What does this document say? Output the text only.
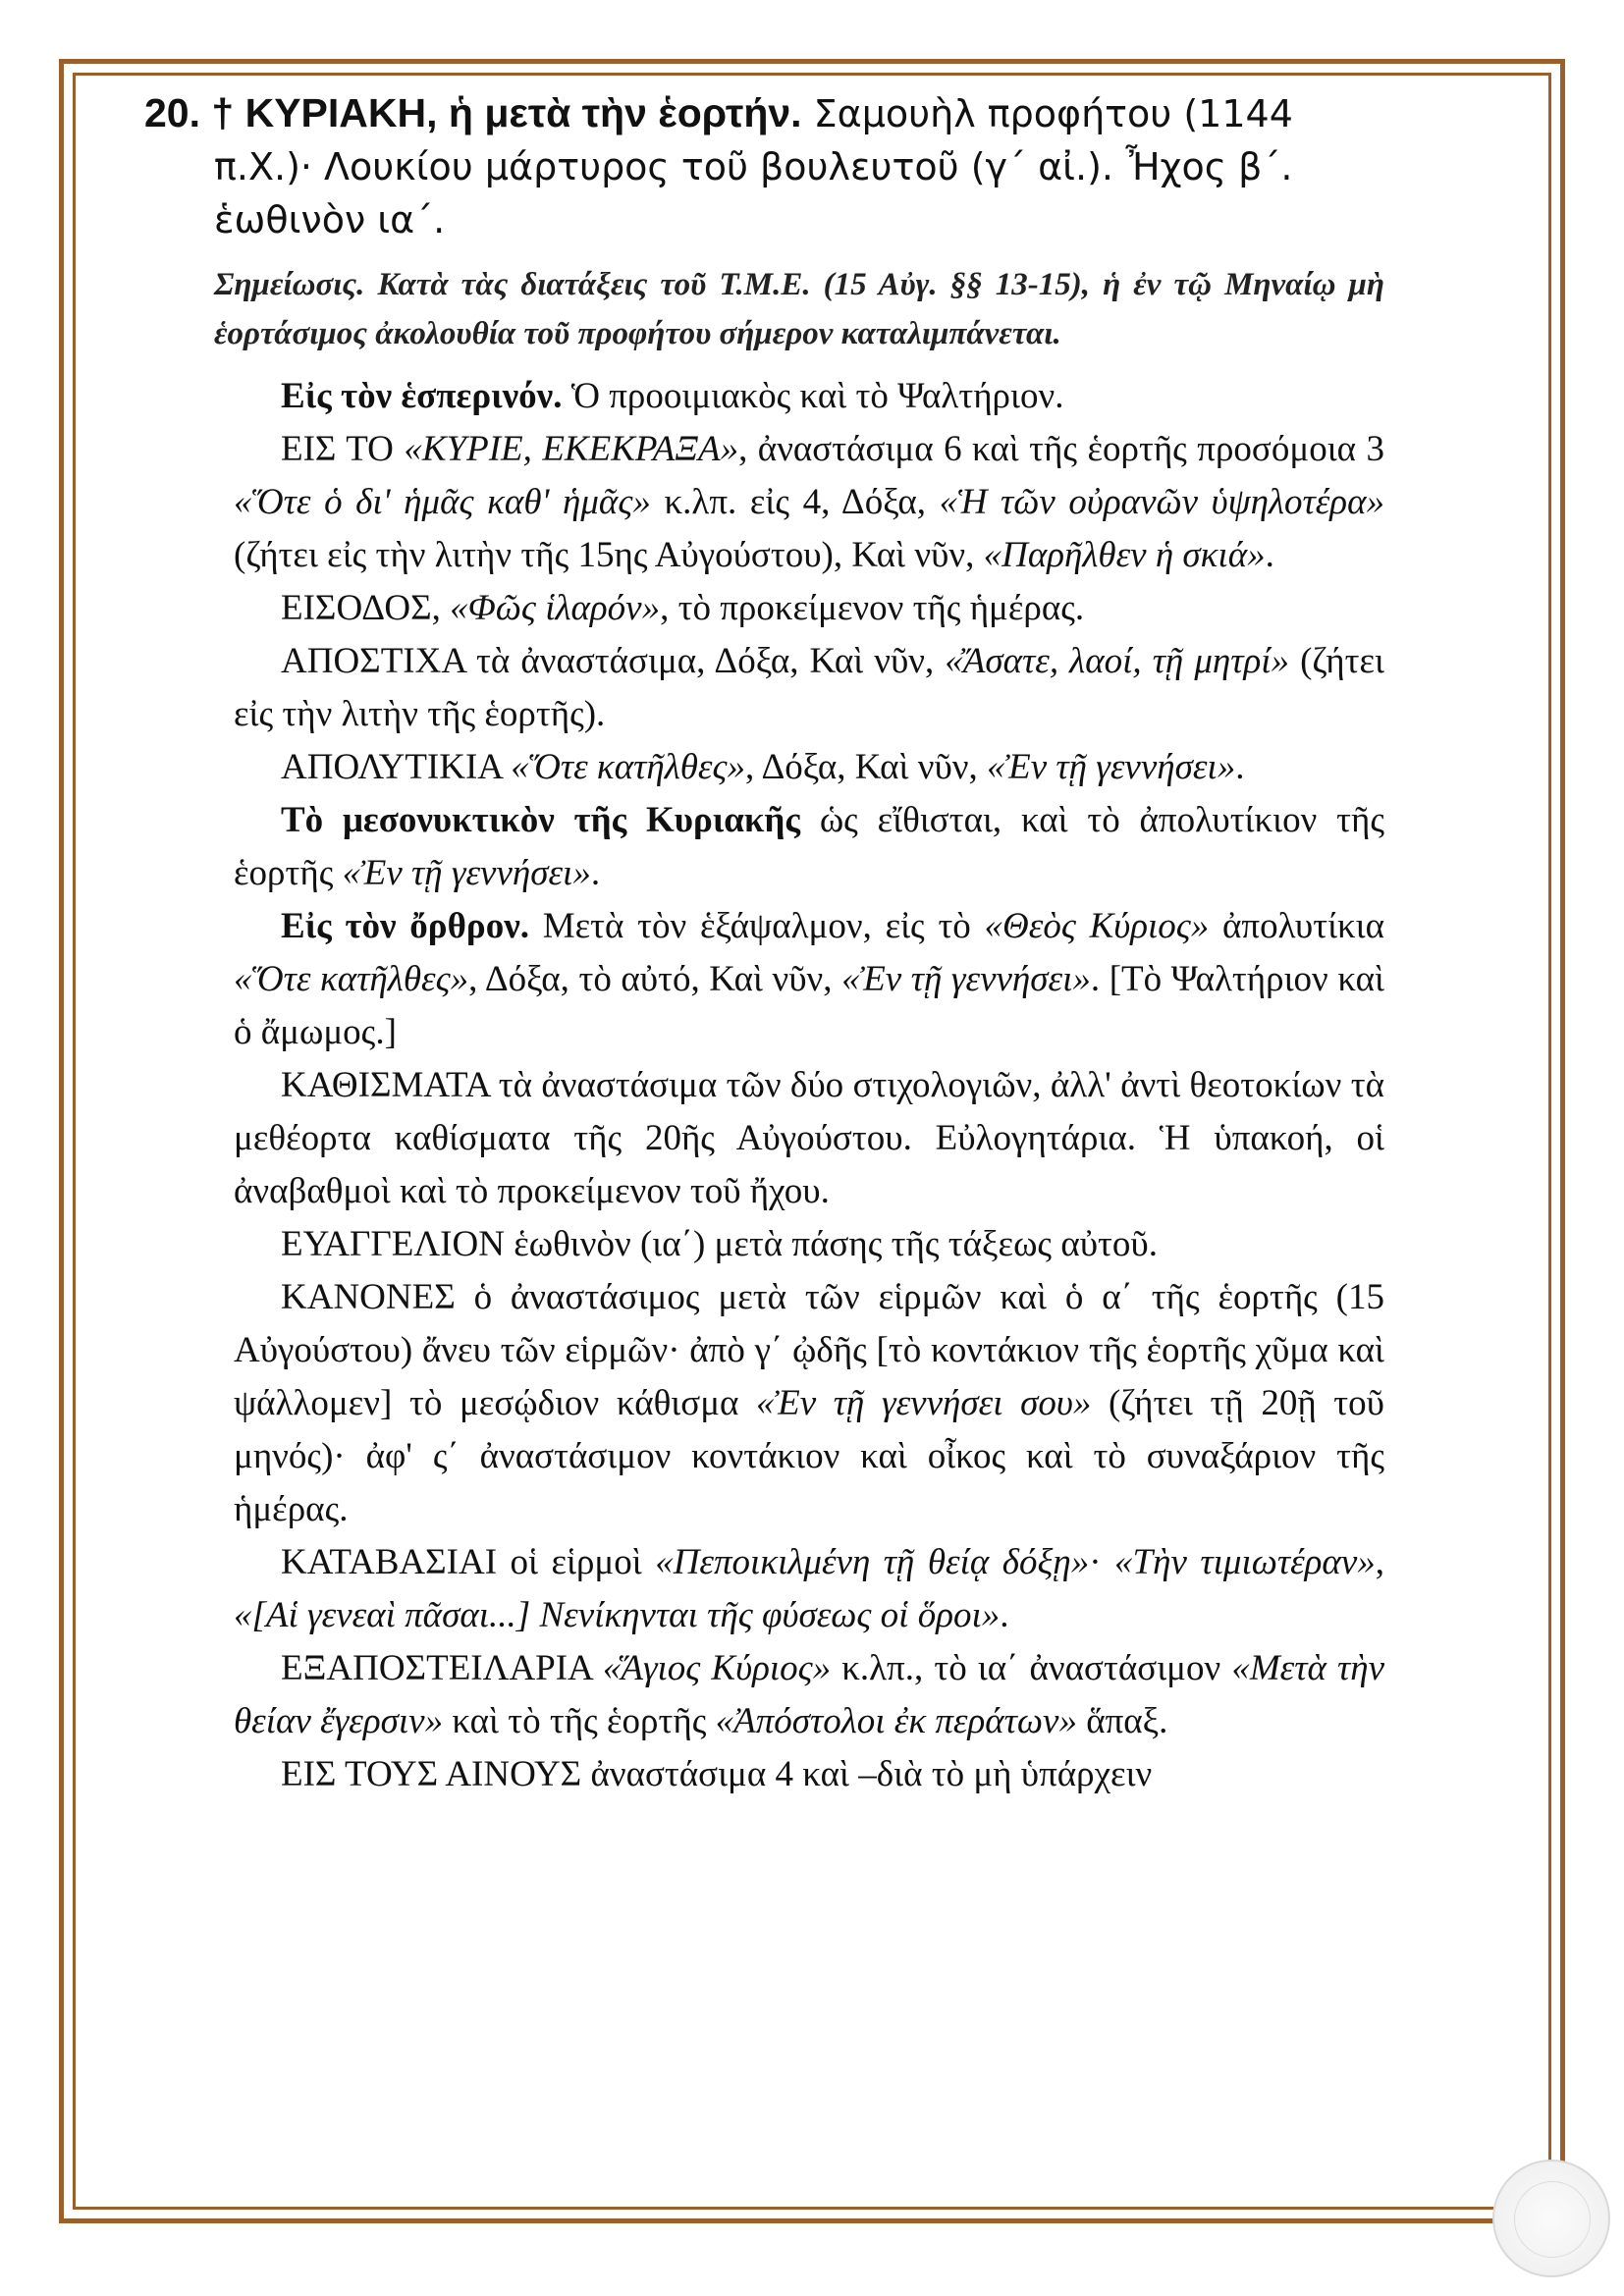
20. † ΚΥΡΙΑΚΗ, ἡ μετὰ τὴν ἑορτήν. Σαμουὴλ προφήτου (1144
π.Χ.)· Λουκίου μάρτυρος τοῦ βουλευτοῦ (γ΄ αἰ.). Ἦχος β΄.
ἑωθινὸν ια΄.

Σημείωσις. Κατὰ τὰς διατάξεις τοῦ Τ.Μ.Ε. (15 Αὐγ. §§ 13-15), ἡ ἐν τῷ Μηναίῳ μὴ ἑορτάσιμος ἀκολουθία τοῦ προφήτου σήμερον καταλιμπάνεται.

Εἰς τὸν ἑσπερινόν. Ὁ προοιμιακὸς καὶ τὸ Ψαλτήριον.

ΕΙΣ ΤΟ «ΚΥΡΙΕ, ΕΚΕΚΡΑΞΑ», ἀναστάσιμα 6 καὶ τῆς ἑορτῆς προσόμοια 3 «Ὅτε ὁ δι' ἡμᾶς καθ' ἡμᾶς» κ.λπ. εἰς 4, Δόξα, «Ἡ τῶν οὐρανῶν ὑψηλοτέρα» (ζήτει εἰς τὴν λιτὴν τῆς 15ης Αὐγούστου), Καὶ νῦν, «Παρῆλθεν ἡ σκιά».

ΕΙΣΟΔΟΣ, «Φῶς ἱλαρόν», τὸ προκείμενον τῆς ἡμέρας.

ΑΠΟΣΤΙΧΑ τὰ ἀναστάσιμα, Δόξα, Καὶ νῦν, «Ἄσατε, λαοί, τῇ μητρί» (ζήτει εἰς τὴν λιτὴν τῆς ἑορτῆς).

ΑΠΟΛΥΤΙΚΙΑ «Ὅτε κατῆλθες», Δόξα, Καὶ νῦν, «Ἐν τῇ γεννήσει».

Τὸ μεσονυκτικὸν τῆς Κυριακῆς ὡς εἴθισται, καὶ τὸ ἀπολυτίκιον τῆς ἑορτῆς «Ἐν τῇ γεννήσει».

Εἰς τὸν ὄρθρον. Μετὰ τὸν ἑξάψαλμον, εἰς τὸ «Θεὸς Κύριος» ἀπολυτίκια «Ὅτε κατῆλθες», Δόξα, τὸ αὐτό, Καὶ νῦν, «Ἐν τῇ γεννήσει». [Τὸ Ψαλτήριον καὶ ὁ ἄμωμος.]

ΚΑΘΙΣΜΑΤΑ τὰ ἀναστάσιμα τῶν δύο στιχολογιῶν, ἀλλ' ἀντὶ θεοτοκίων τὰ μεθέορτα καθίσματα τῆς 20ῆς Αὐγούστου. Εὐλογητάρια. Ἡ ὑπακοή, οἱ ἀναβαθμοὶ καὶ τὸ προκείμενον τοῦ ἤχου.

ΕΥΑΓΓΕΛΙΟΝ ἑωθινὸν (ια΄) μετὰ πάσης τῆς τάξεως αὐτοῦ.

ΚΑΝΟΝΕΣ ὁ ἀναστάσιμος μετὰ τῶν εἱρμῶν καὶ ὁ α΄ τῆς ἑορτῆς (15 Αὐγούστου) ἄνευ τῶν εἱρμῶν· ἀπὸ γ΄ ᾠδῆς [τὸ κοντάκιον τῆς ἑορτῆς χῦμα καὶ ψάλλομεν] τὸ μεσῴδιον κάθισμα «Ἐν τῇ γεννήσει σου» (ζήτει τῇ 20ῇ τοῦ μηνός)· ἀφ' ς΄ ἀναστάσιμον κοντάκιον καὶ οἶκος καὶ τὸ συναξάριον τῆς ἡμέρας.

ΚΑΤΑΒΑΣΙΑΙ οἱ εἱρμοὶ «Πεποικιλμένη τῇ θείᾳ δόξῃ»· «Τὴν τιμιωτέραν», «[Αἱ γενεαὶ πᾶσαι...] Νενίκηνται τῆς φύσεως οἱ ὅροι».

ΕΞΑΠΟΣΤΕΙΛΑΡΙΑ «Ἅγιος Κύριος» κ.λπ., τὸ ια΄ ἀναστάσιμον «Μετὰ τὴν θείαν ἔγερσιν» καὶ τὸ τῆς ἑορτῆς «Ἀπόστολοι ἐκ περάτων» ἅπαξ.

ΕΙΣ ΤΟΥΣ ΑΙΝΟΥΣ ἀναστάσιμα 4 καὶ –διὰ τὸ μὴ ὑπάρχειν
